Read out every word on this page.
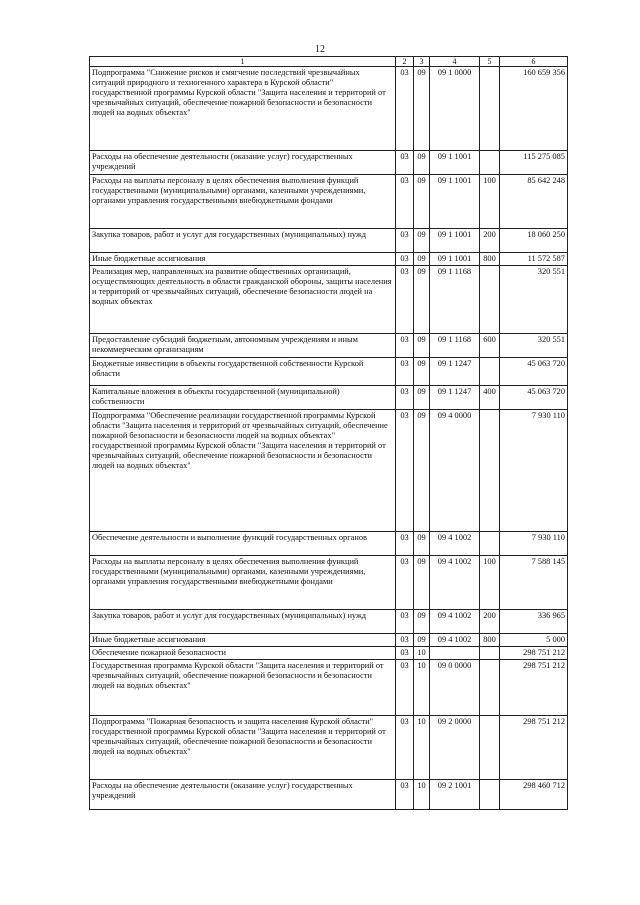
12
1	2	3	4	5	6
Подпрограмма "Снижение рисков и смягчение последствий чрезвычайных ситуаций природного и техногенного характера в Курской области" государственной программы Курской области "Защита населения и территорий от чрезвычайных ситуаций, обеспечение пожарной безопасности и безопасности людей на водных объектах"	03	09	09 1 0000		160 659 356
Расходы на обеспечение деятельности (оказание услуг) государственных учреждений	03	09	09 1 1001		115 275 085
Расходы на выплаты персоналу в целях обеспечения выполнения функций государственными (муниципальными) органами, казенными учреждениями, органами управления государственными внебюджетными фондами	03	09	09 1 1001	100	85 642 248
Закупка товаров, работ и услуг для государственных (муниципальных) нужд	03	09	09 1 1001	200	18 060 250
Иные бюджетные ассигнования	03	09	09 1 1001	800	11 572 587
Реализация мер, направленных на развитие общественных организаций, осуществляющих деятельность в области гражданской обороны, защиты населения и территорий от чрезвычайных ситуаций, обеспечение безопасности людей на водных объектах	03	09	09 1 1168		320 551
Предоставление субсидий бюджетным, автономным учреждениям и иным некоммерческим организациям	03	09	09 1 1168	600	320 551
Бюджетные инвестиции в объекты государственной собственности Курской области	03	09	09 1 1247		45 063 720
Капитальные вложения в объекты государственной (муниципальной) собственности	03	09	09 1 1247	400	45 063 720
Подпрограмма "Обеспечение реализации государственной программы Курской области "Защита населения и территорий от чрезвычайных ситуаций, обеспечение пожарной безопасности и безопасности людей на водных объектах" государственной программы Курской области "Защита населения и территорий от чрезвычайных ситуаций, обеспечение пожарной безопасности и безопасности людей на водных объектах"	03	09	09 4 0000		7 930 110
Обеспечение деятельности и выполнение функций государственных органов	03	09	09 4 1002		7 930 110
Расходы на выплаты персоналу в целях обеспечения выполнения функций государственными (муниципальными) органами, казенными учреждениями, органами управления государственными внебюджетными фондами	03	09	09 4 1002	100	7 588 145
Закупка товаров, работ и услуг для государственных (муниципальных) нужд	03	09	09 4 1002	200	336 965
Иные бюджетные ассигнования	03	09	09 4 1002	800	5 000
Обеспечение пожарной безопасности	03	10			298 751 212
Государственная программа Курской области "Защита населения и территорий от чрезвычайных ситуаций, обеспечение пожарной безопасности и безопасности людей на водных объектах"	03	10	09 0 0000		298 751 212
Подпрограмма "Пожарная безопасность и защита населения Курской области" государственной программы Курской области "Защита населения и территорий от чрезвычайных ситуаций, обеспечение пожарной безопасности и безопасности людей на водных объектах"	03	10	09 2 0000		298 751 212
Расходы на обеспечение деятельности (оказание услуг) государственных учреждений	03	10	09 2 1001		298 460 712
